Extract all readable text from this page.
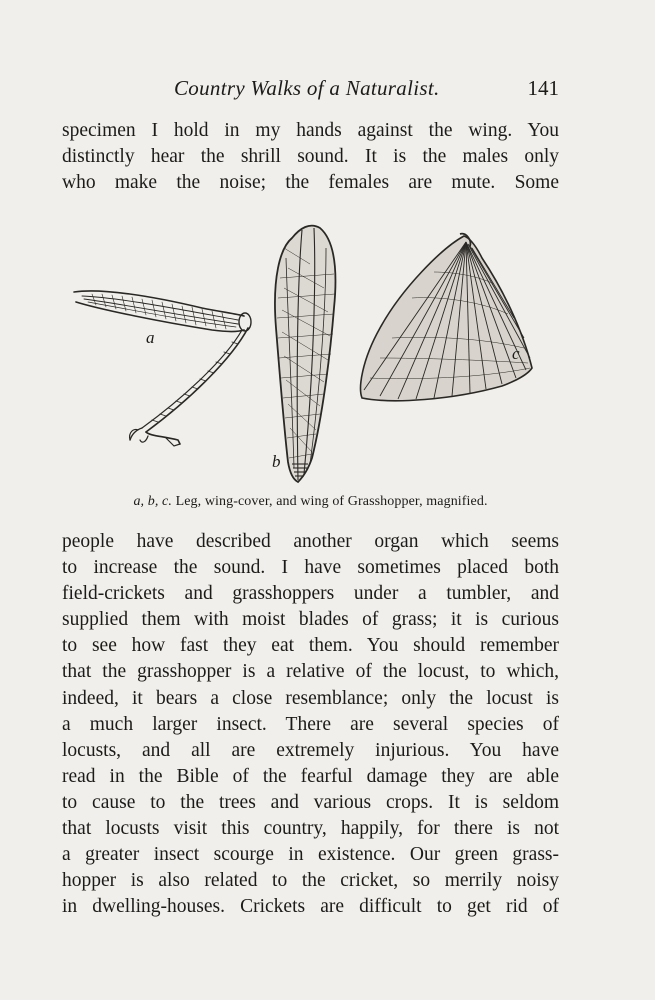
Country Walks of a Naturalist.	141
specimen I hold in my hands against the wing. You
distinctly hear the shrill sound. It is the males only
who make the noise; the females are mute. Some
a
b
c
a, b, c. Leg, wing-cover, and wing of Grasshopper, magnified.
people have described another organ which seems
to increase the sound. I have sometimes placed both
field-crickets and grasshoppers under a tumbler, and
supplied them with moist blades of grass; it is curious
to see how fast they eat them. You should remember
that the grasshopper is a relative of the locust, to which,
indeed, it bears a close resemblance; only the locust is
a much larger insect. There are several species of
locusts, and all are extremely injurious. You have
read in the Bible of the fearful damage they are able
to cause to the trees and various crops. It is seldom
that locusts visit this country, happily, for there is not
a greater insect scourge in existence. Our green grass-
hopper is also related to the cricket, so merrily noisy
in dwelling-houses. Crickets are difficult to get rid of
